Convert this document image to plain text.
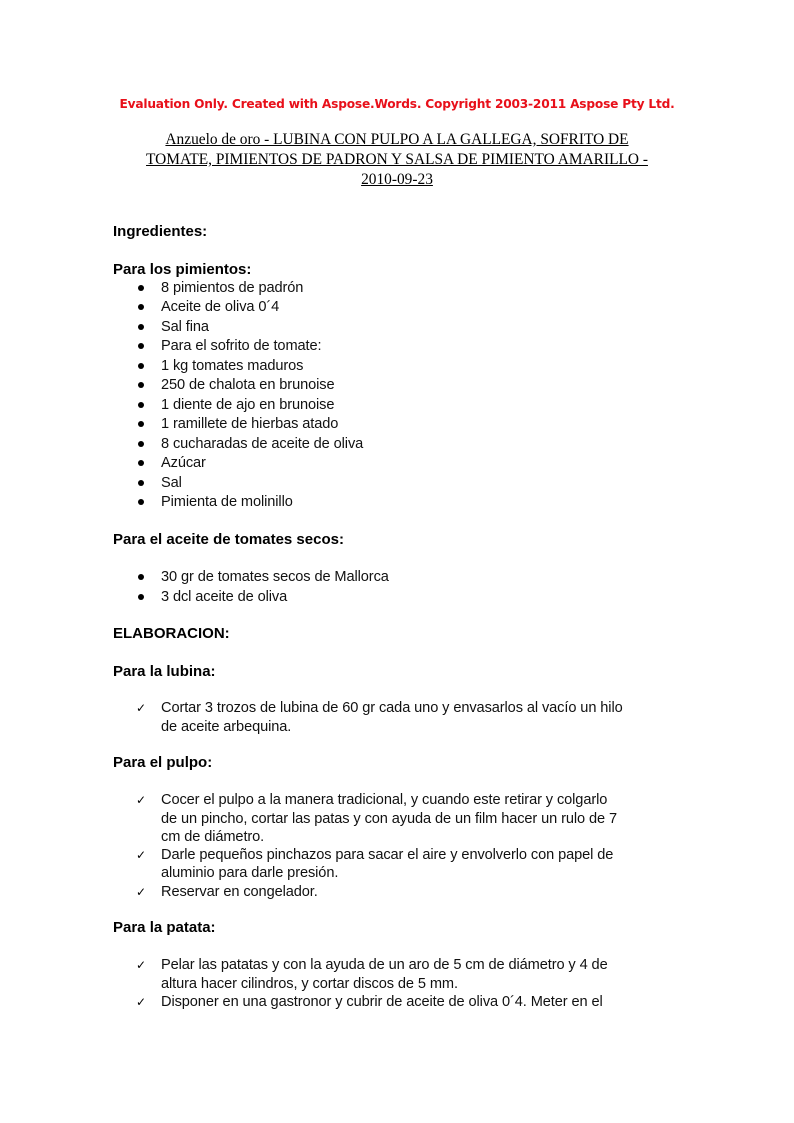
Evaluation Only. Created with Aspose.Words. Copyright 2003-2011 Aspose Pty Ltd.
Anzuelo de oro - LUBINA CON PULPO A LA GALLEGA, SOFRITO DE
TOMATE, PIMIENTOS DE PADRON Y SALSA DE PIMIENTO AMARILLO -
2010-09-23
Ingredientes:
Para los pimientos:
8 pimientos de padrón
Aceite de oliva 0´4
Sal fina
Para el sofrito de tomate:
1 kg tomates maduros
250 de chalota en brunoise
1 diente de ajo en brunoise
1 ramillete de hierbas atado
8 cucharadas de aceite de oliva
Azúcar
Sal
Pimienta de molinillo
Para el aceite de tomates secos:
30 gr de tomates secos de Mallorca
3 dcl aceite de oliva
ELABORACION:
Para la lubina:
✓ Cortar 3 trozos de lubina de 60 gr cada uno y envasarlos al vacío un hilo
de aceite arbequina.
Para el pulpo:
✓ Cocer el pulpo a la manera tradicional, y cuando este retirar y colgarlo
de un pincho, cortar las patas y con ayuda de un film hacer un rulo de 7
cm de diámetro.
✓ Darle pequeños pinchazos para sacar el aire y envolverlo con papel de
aluminio para darle presión.
✓ Reservar en congelador.
Para la patata:
✓ Pelar las patatas y con la ayuda de un aro de 5 cm de diámetro y 4 de
altura hacer cilindros, y cortar discos de 5 mm.
✓ Disponer en una gastronor y cubrir de aceite de oliva 0´4. Meter en el
